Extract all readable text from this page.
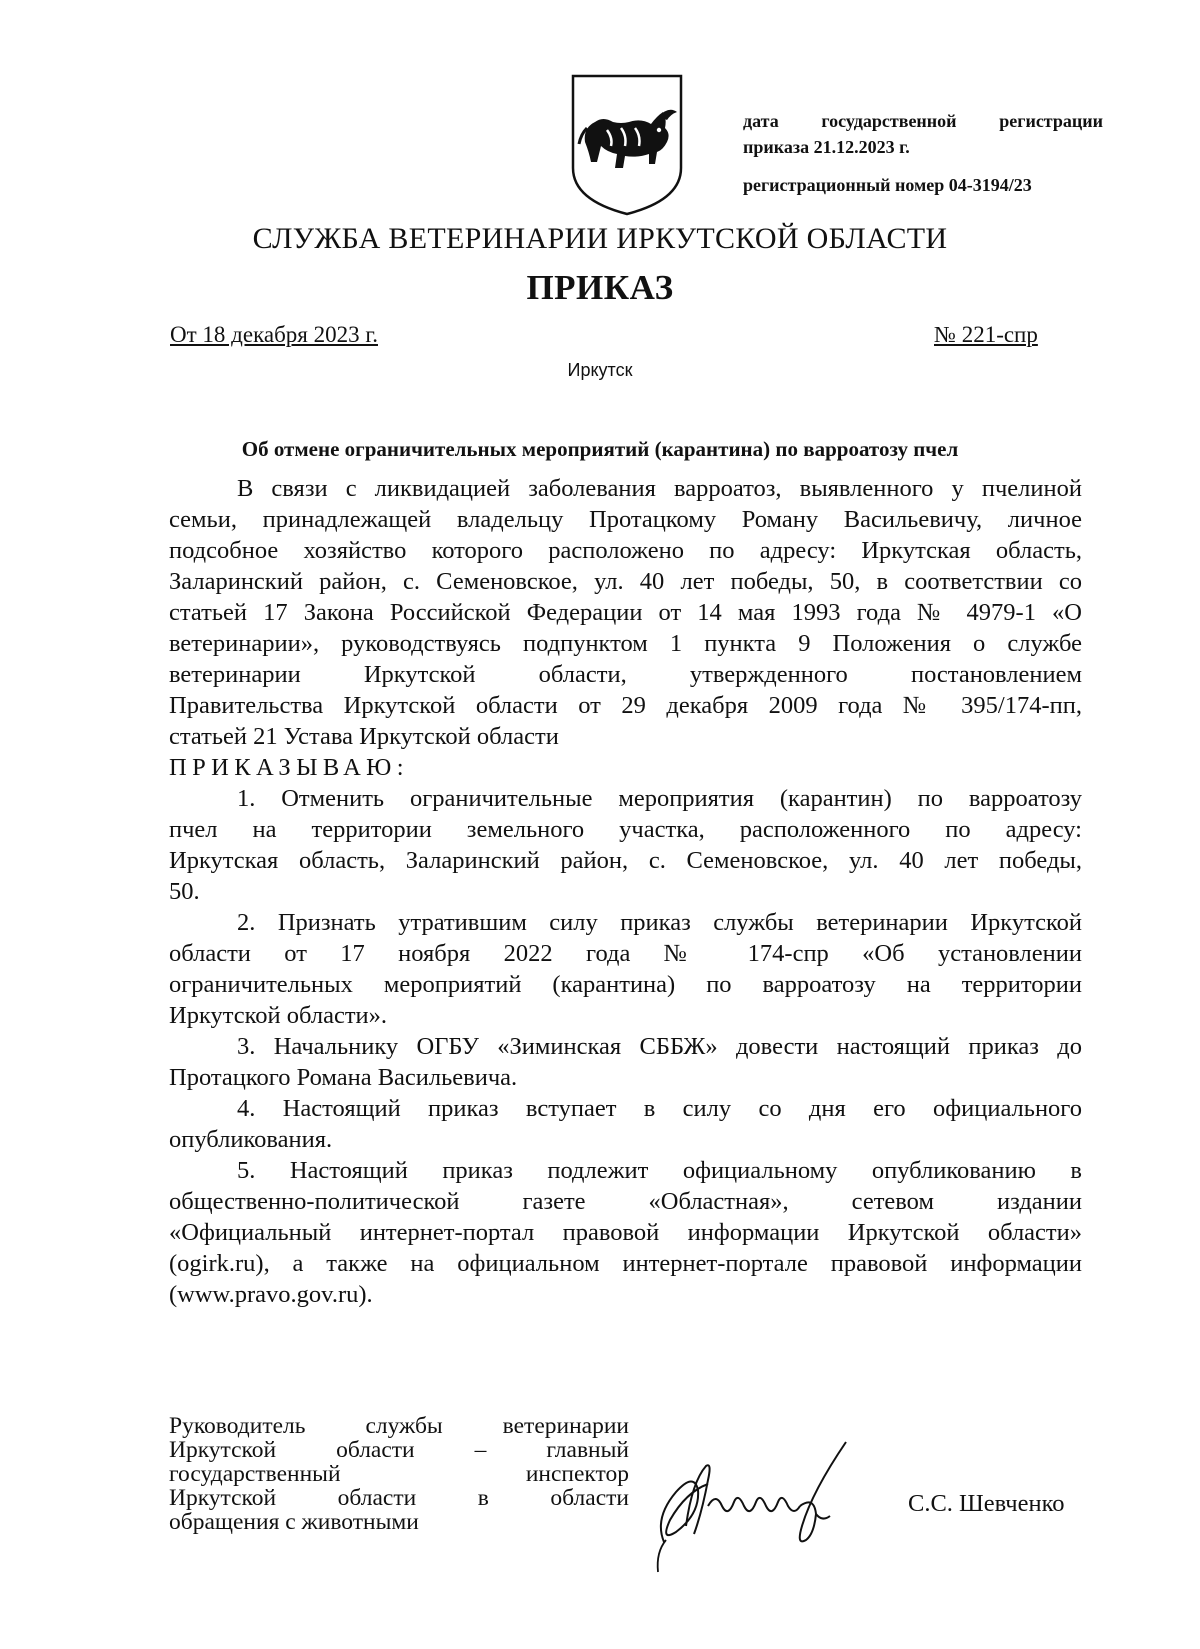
дата государственной регистрации
приказа 21.12.2023 г.
регистрационный номер 04-3194/23
СЛУЖБА ВЕТЕРИНАРИИ ИРКУТСКОЙ ОБЛАСТИ
ПРИКАЗ
От 18 декабря 2023 г.	№ 221-спр
Иркутск
Об отмене ограничительных мероприятий (карантина) по варроатозу пчел
В связи с ликвидацией заболевания варроатоз, выявленного у пчелиной
семьи, принадлежащей владельцу Протацкому Роману Васильевичу, личное
подсобное хозяйство которого расположено по адресу: Иркутская область,
Заларинский район, с. Семеновское, ул. 40 лет победы, 50, в соответствии со
статьей 17 Закона Российской Федерации от 14 мая 1993 года № 4979-1 «О
ветеринарии», руководствуясь подпунктом 1 пункта 9 Положения о службе
ветеринарии Иркутской области, утвержденного постановлением
Правительства Иркутской области от 29 декабря 2009 года № 395/174-пп,
статьей 21 Устава Иркутской области
ПРИКАЗЫВАЮ:
1. Отменить ограничительные мероприятия (карантин) по варроатозу
пчел на территории земельного участка, расположенного по адресу:
Иркутская область, Заларинский район, с. Семеновское, ул. 40 лет победы,
50.
2. Признать утратившим силу приказ службы ветеринарии Иркутской
области от 17 ноября 2022 года № 174-спр «Об установлении
ограничительных мероприятий (карантина) по варроатозу на территории
Иркутской области».
3. Начальнику ОГБУ «Зиминская СББЖ» довести настоящий приказ до
Протацкого Романа Васильевича.
4. Настоящий приказ вступает в силу со дня его официального
опубликования.
5. Настоящий приказ подлежит официальному опубликованию в
общественно-политической газете «Областная», сетевом издании
«Официальный интернет-портал правовой информации Иркутской области»
(ogirk.ru), а также на официальном интернет-портале правовой информации
(www.pravo.gov.ru).
Руководитель службы ветеринарии
Иркутской области – главный
государственный инспектор
Иркутской области в области
обращения с животными
С.С. Шевченко
